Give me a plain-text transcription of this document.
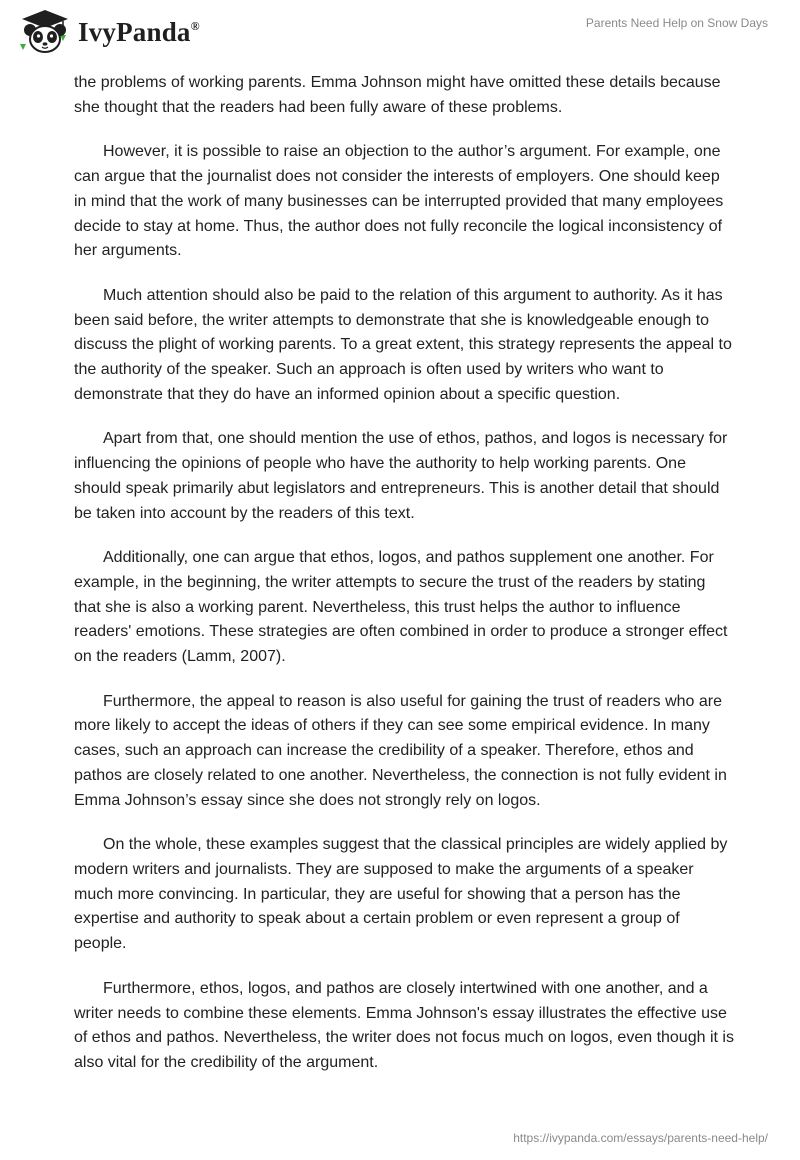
IvyPanda®	Parents Need Help on Snow Days

the problems of working parents. Emma Johnson might have omitted these details because she thought that the readers had been fully aware of these problems.

However, it is possible to raise an objection to the author’s argument. For example, one can argue that the journalist does not consider the interests of employers. One should keep in mind that the work of many businesses can be interrupted provided that many employees decide to stay at home. Thus, the author does not fully reconcile the logical inconsistency of her arguments.

Much attention should also be paid to the relation of this argument to authority. As it has been said before, the writer attempts to demonstrate that she is knowledgeable enough to discuss the plight of working parents. To a great extent, this strategy represents the appeal to the authority of the speaker. Such an approach is often used by writers who want to demonstrate that they do have an informed opinion about a specific question.

Apart from that, one should mention the use of ethos, pathos, and logos is necessary for influencing the opinions of people who have the authority to help working parents. One should speak primarily abut legislators and entrepreneurs. This is another detail that should be taken into account by the readers of this text.

Additionally, one can argue that ethos, logos, and pathos supplement one another. For example, in the beginning, the writer attempts to secure the trust of the readers by stating that she is also a working parent. Nevertheless, this trust helps the author to influence readers' emotions. These strategies are often combined in order to produce a stronger effect on the readers (Lamm, 2007).

Furthermore, the appeal to reason is also useful for gaining the trust of readers who are more likely to accept the ideas of others if they can see some empirical evidence. In many cases, such an approach can increase the credibility of a speaker. Therefore, ethos and pathos are closely related to one another. Nevertheless, the connection is not fully evident in Emma Johnson’s essay since she does not strongly rely on logos.

On the whole, these examples suggest that the classical principles are widely applied by modern writers and journalists. They are supposed to make the arguments of a speaker much more convincing. In particular, they are useful for showing that a person has the expertise and authority to speak about a certain problem or even represent a group of people.

Furthermore, ethos, logos, and pathos are closely intertwined with one another, and a writer needs to combine these elements. Emma Johnson's essay illustrates the effective use of ethos and pathos. Nevertheless, the writer does not focus much on logos, even though it is also vital for the credibility of the argument.

https://ivypanda.com/essays/parents-need-help/
